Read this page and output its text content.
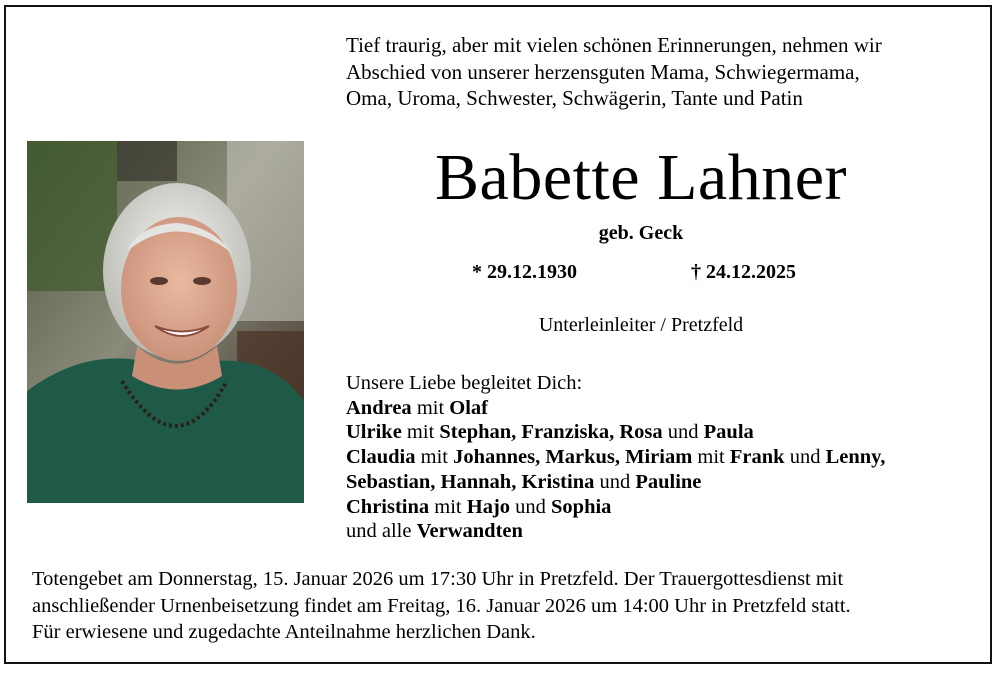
Tief traurig, aber mit vielen schönen Erinnerungen, nehmen wir
Abschied von unserer herzensguten Mama, Schwiegermama,
Oma, Uroma, Schwester, Schwägerin, Tante und Patin
Babette Lahner
geb. Geck
* 29.12.1930	† 24.12.2025
Unterleinleiter / Pretzfeld
Unsere Liebe begleitet Dich:
Andrea mit Olaf
Ulrike mit Stephan, Franziska, Rosa und Paula
Claudia mit Johannes, Markus, Miriam mit Frank und Lenny,
Sebastian, Hannah, Kristina und Pauline
Christina mit Hajo und Sophia
und alle Verwandten
Totengebet am Donnerstag, 15. Januar 2026 um 17:30 Uhr in Pretzfeld. Der Trauergottesdienst mit
anschließender Urnenbeisetzung findet am Freitag, 16. Januar 2026 um 14:00 Uhr in Pretzfeld statt.
Für erwiesene und zugedachte Anteilnahme herzlichen Dank.
